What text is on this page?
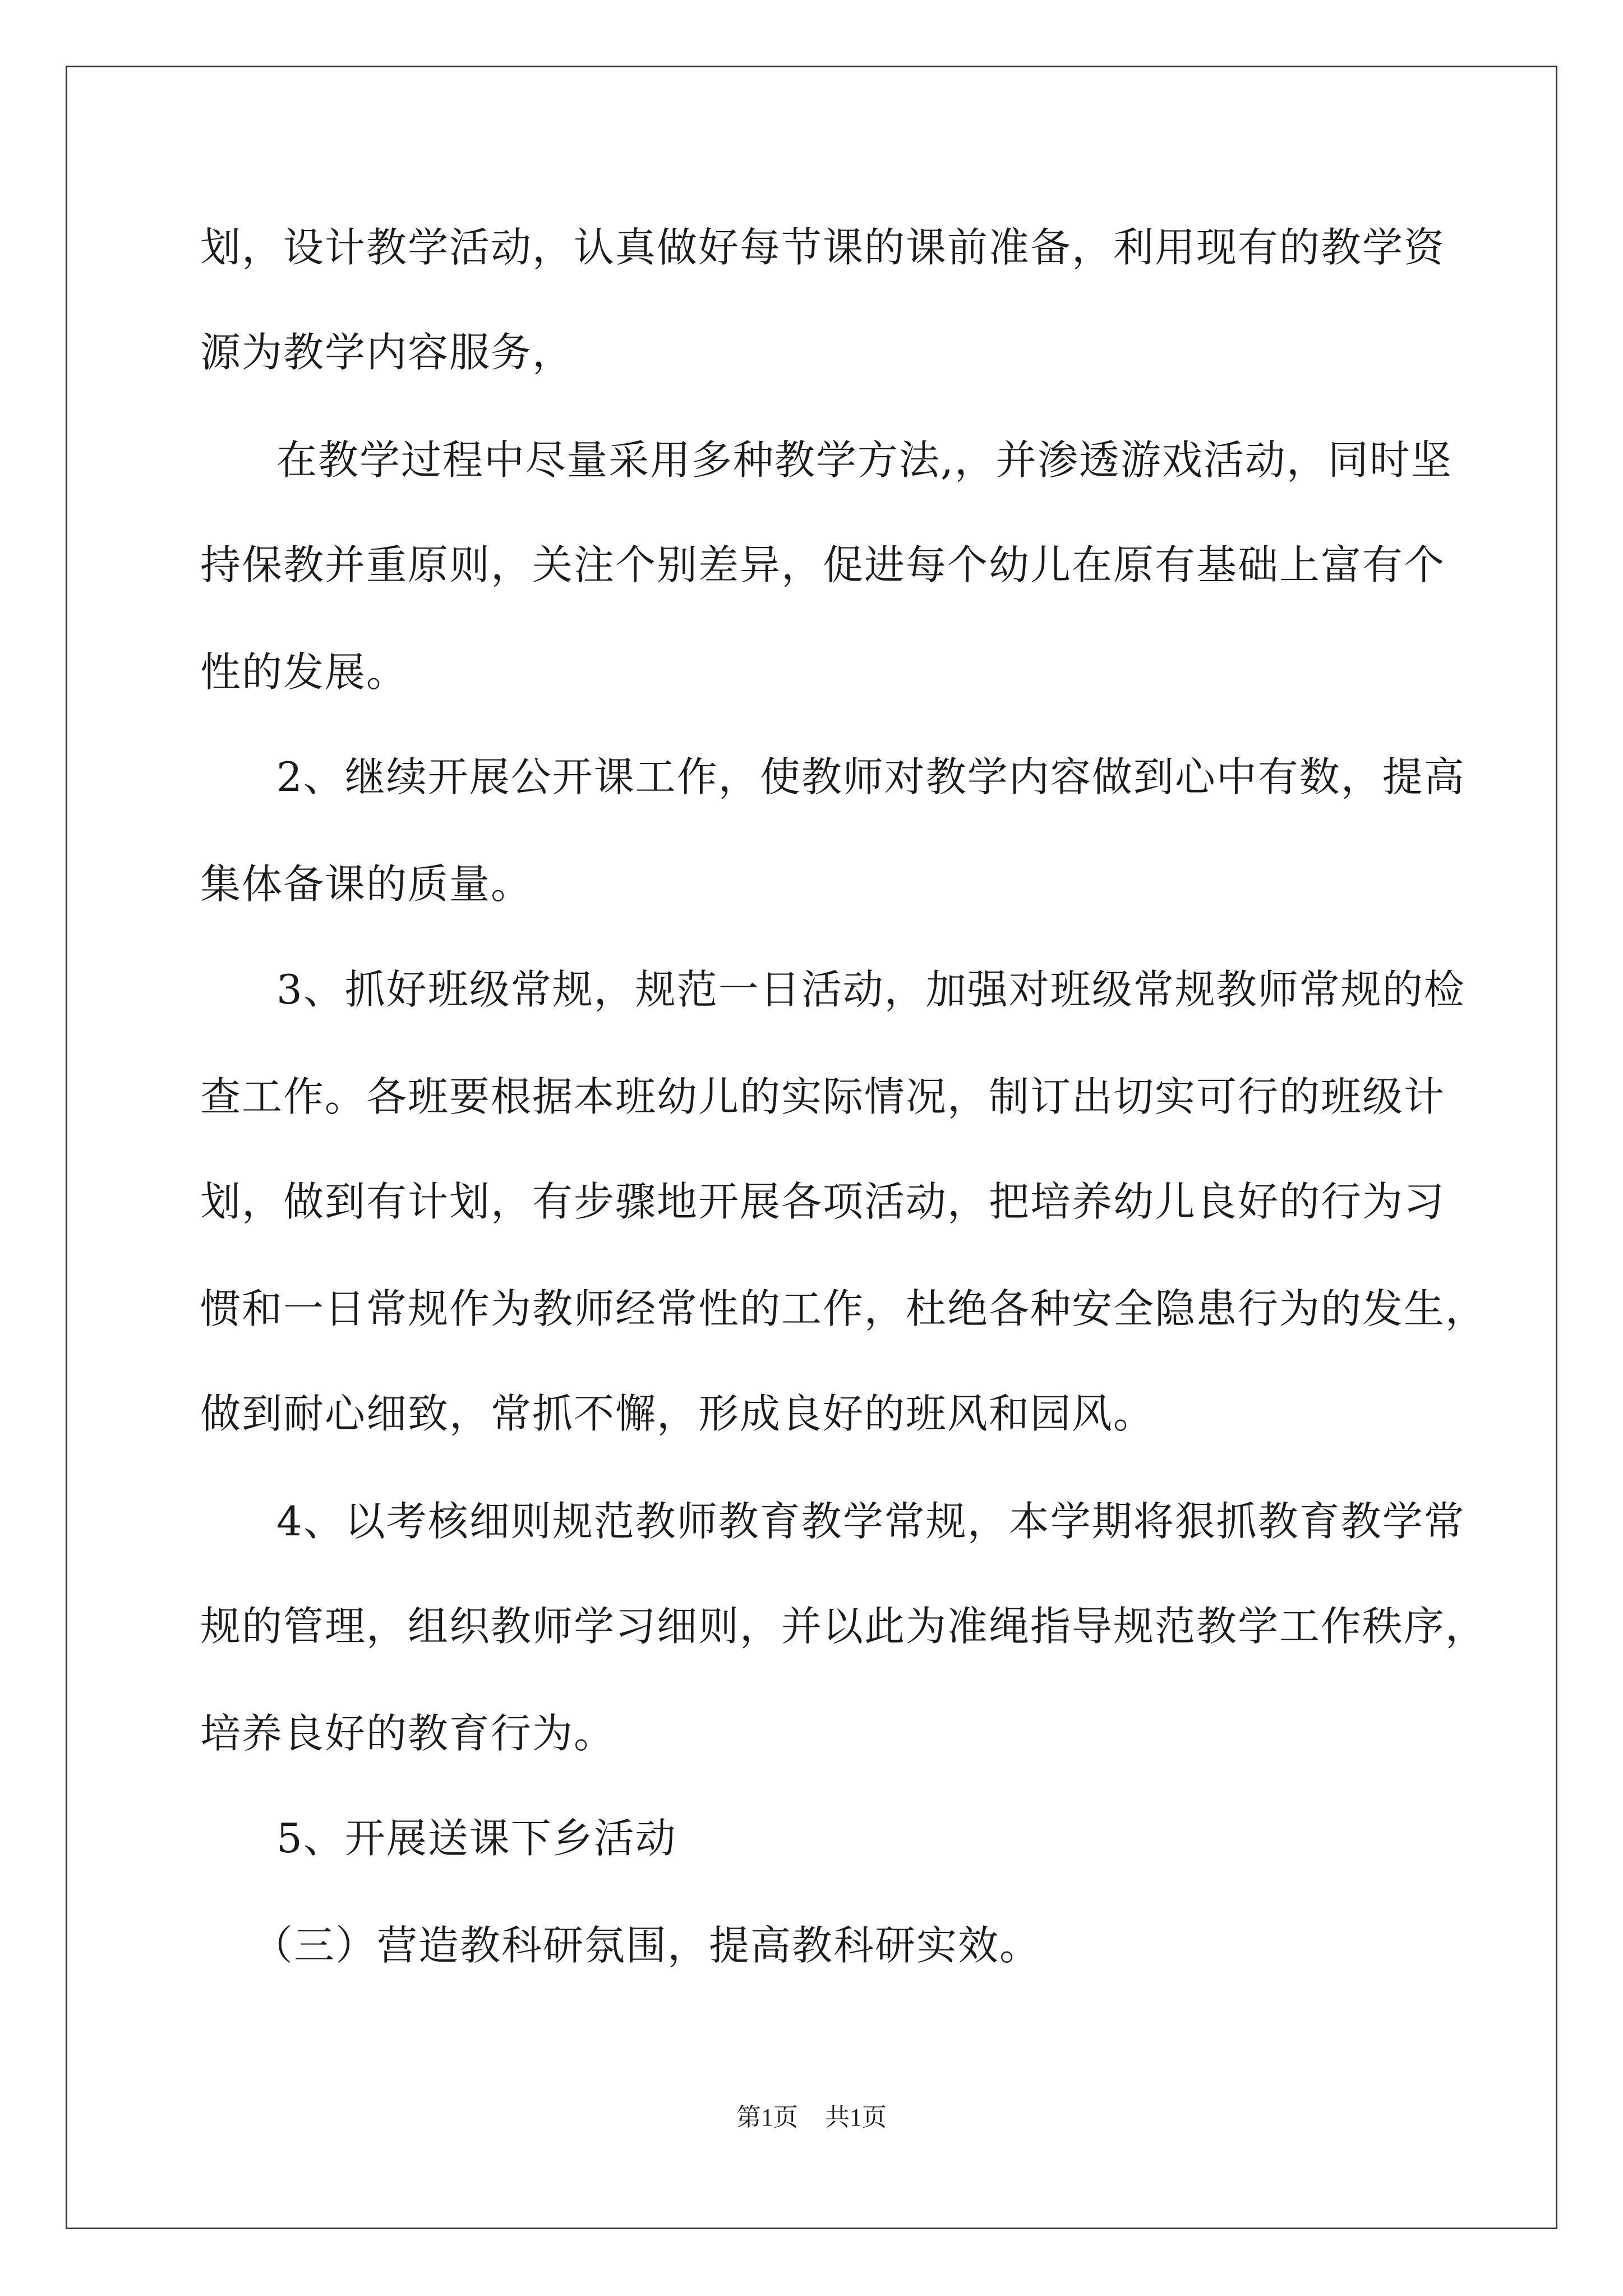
划，设计教学活动，认真做好每节课的课前准备，利用现有的教学资
源为教学内容服务，
在教学过程中尽量采用多种教学方法,，并渗透游戏活动，同时坚
持保教并重原则，关注个别差异，促进每个幼儿在原有基础上富有个
性的发展。
2、继续开展公开课工作，使教师对教学内容做到心中有数，提高
集体备课的质量。
3、抓好班级常规，规范一日活动，加强对班级常规教师常规的检
查工作。各班要根据本班幼儿的实际情况，制订出切实可行的班级计
划，做到有计划，有步骤地开展各项活动，把培养幼儿良好的行为习
惯和一日常规作为教师经常性的工作，杜绝各种安全隐患行为的发生，
做到耐心细致，常抓不懈，形成良好的班风和园风。
4、以考核细则规范教师教育教学常规，本学期将狠抓教育教学常
规的管理，组织教师学习细则，并以此为准绳指导规范教学工作秩序，
培养良好的教育行为。
5、开展送课下乡活动
（三）营造教科研氛围，提高教科研实效。
第1页 共1页
